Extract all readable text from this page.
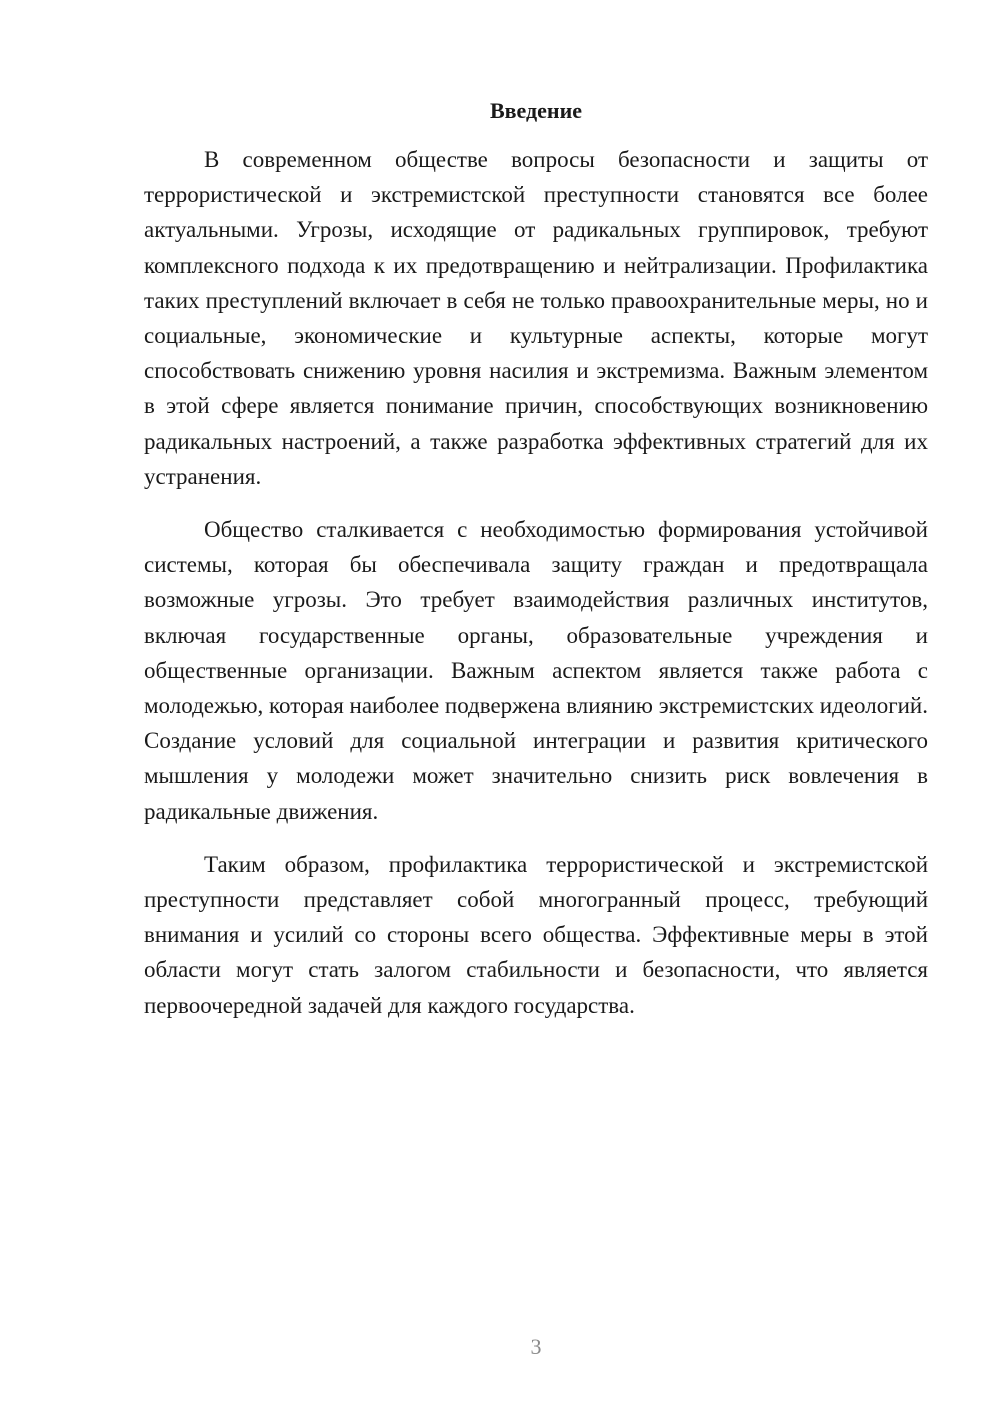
Введение

В современном обществе вопросы безопасности и защиты от террористической и экстремистской преступности становятся все более актуальными. Угрозы, исходящие от радикальных группировок, требуют комплексного подхода к их предотвращению и нейтрализации. Профилактика таких преступлений включает в себя не только правоохранительные меры, но и социальные, экономические и культурные аспекты, которые могут способствовать снижению уровня насилия и экстремизма. Важным элементом в этой сфере является понимание причин, способствующих возникновению радикальных настроений, а также разработка эффективных стратегий для их устранения.

Общество сталкивается с необходимостью формирования устойчивой системы, которая бы обеспечивала защиту граждан и предотвращала возможные угрозы. Это требует взаимодействия различных институтов, включая государственные органы, образовательные учреждения и общественные организации. Важным аспектом является также работа с молодежью, которая наиболее подвержена влиянию экстремистских идеологий. Создание условий для социальной интеграции и развития критического мышления у молодежи может значительно снизить риск вовлечения в радикальные движения.

Таким образом, профилактика террористической и экстремистской преступности представляет собой многогранный процесс, требующий внимания и усилий со стороны всего общества. Эффективные меры в этой области могут стать залогом стабильности и безопасности, что является первоочередной задачей для каждого государства.

3
